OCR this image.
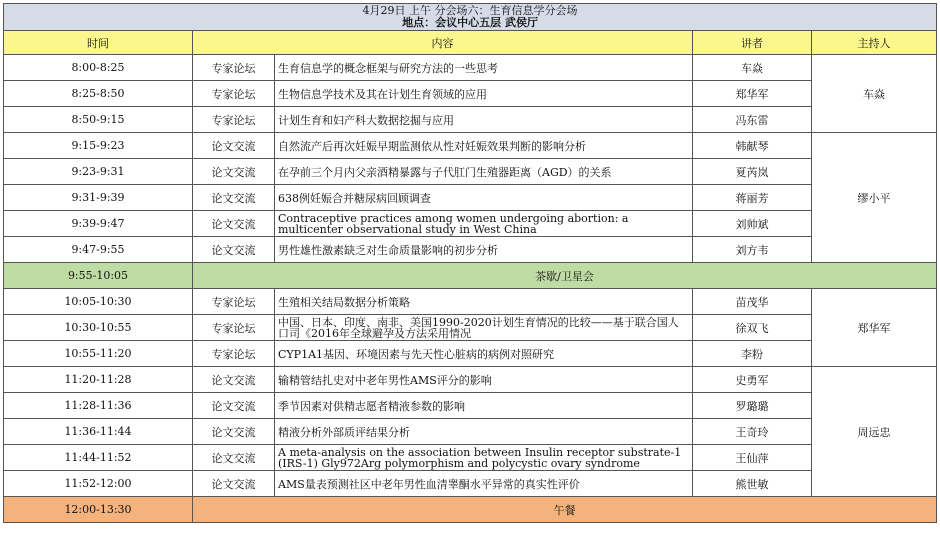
4月29日 上午 分会场六：生育信息学分会场
地点：会议中心五层 武侯厅				

时间	内容		讲者	主持人
8:00-8:25	专家论坛	生育信息学的概念框架与研究方法的一些思考	车焱	车焱
8:25-8:50	专家论坛	生物信息学技术及其在计划生育领域的应用	郑华军	
8:50-9:15	专家论坛	计划生育和妇产科大数据挖掘与应用	冯东雷	
9:15-9:23	论文交流	自然流产后再次妊娠早期监测依从性对妊娠效果判断的影响分析	韩献琴	缪小平
9:23-9:31	论文交流	在孕前三个月内父亲酒精暴露与子代肛门生殖器距离（AGD）的关系	夏芮岚	
9:31-9:39	论文交流	638例妊娠合并糖尿病回顾调查	蒋丽芳	
9:39-9:47	论文交流	Contraceptive practices among women undergoing abortion: a multicenter observational study in West China	刘帅斌	
9:47-9:55	论文交流	男性雄性激素缺乏对生命质量影响的初步分析	刘方韦	
9:55-10:05	茶歇/卫星会			
10:05-10:30	专家论坛	生殖相关结局数据分析策略	苗茂华	郑华军
10:30-10:55	专家论坛	中国、日本、印度、南非、美国1990-2020计划生育情况的比较——基于联合国人口司《2016年全球避孕及方法采用情况	徐双飞	
10:55-11:20	专家论坛	CYP1A1基因、环境因素与先天性心脏病的病例对照研究	李粉	
11:20-11:28	论文交流	输精管结扎史对中老年男性AMS评分的影响	史勇军	周远忠
11:28-11:36	论文交流	季节因素对供精志愿者精液参数的影响	罗璐璐	
11:36-11:44	论文交流	精液分析外部质评结果分析	王奇玲	
11:44-11:52	论文交流	A meta-analysis on the association between Insulin receptor substrate-1 (IRS-1) Gly972Arg polymorphism and polycystic ovary syndrome	王仙萍	
11:52-12:00	论文交流	AMS量表预测社区中老年男性血清睾酮水平异常的真实性评价	熊世敏	
12:00-13:30	午餐			
